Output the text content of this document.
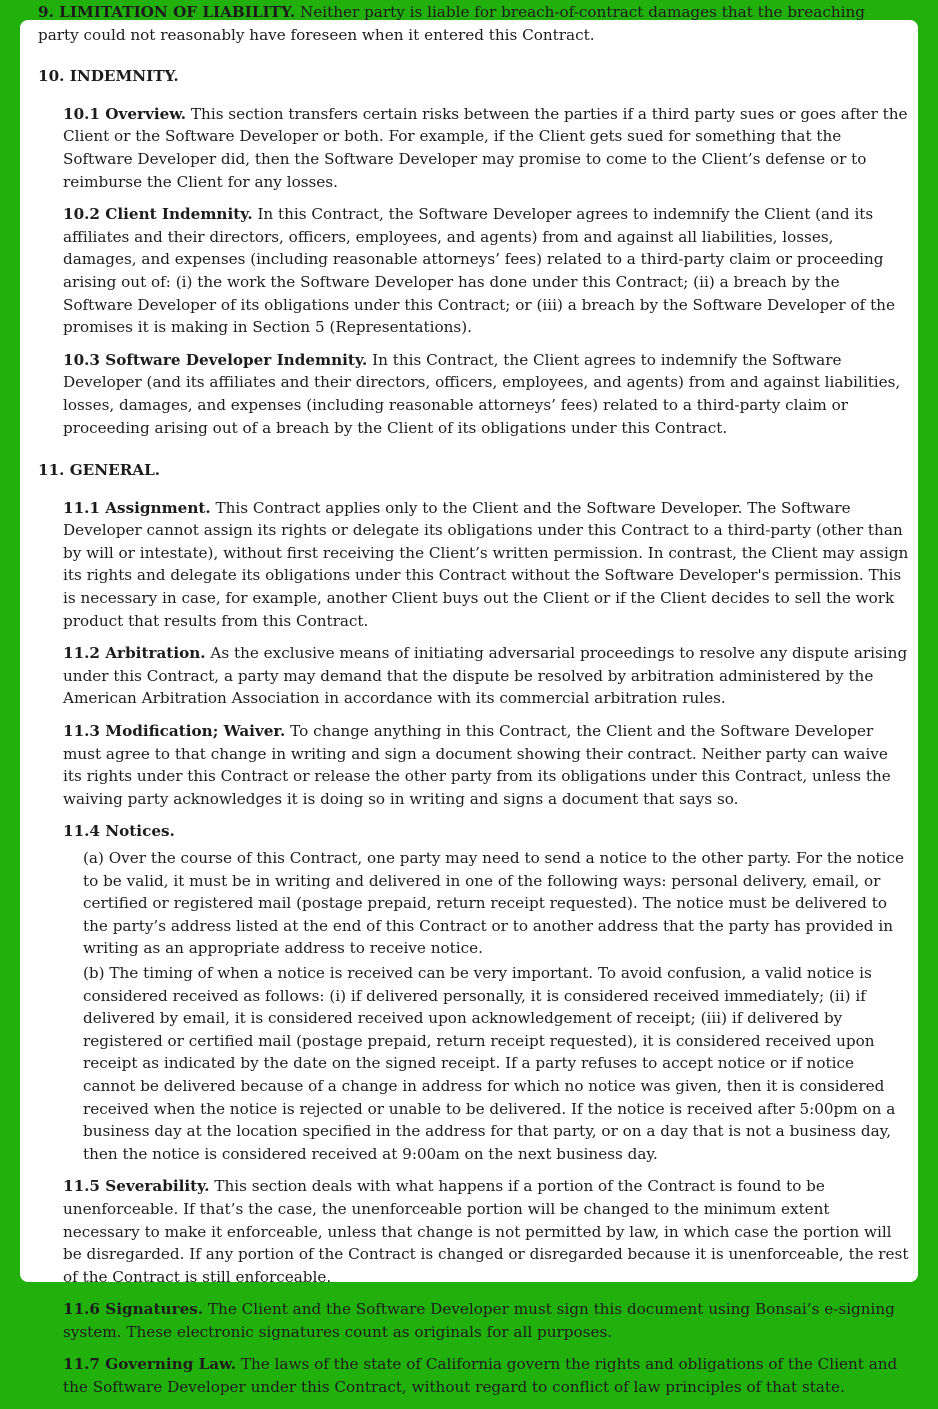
9. LIMITATION OF LIABILITY. Neither party is liable for breach-of-contract damages that the breaching party could not reasonably have foreseen when it entered this Contract.

10. INDEMNITY.

10.1 Overview. This section transfers certain risks between the parties if a third party sues or goes after the Client or the Software Developer or both. For example, if the Client gets sued for something that the Software Developer did, then the Software Developer may promise to come to the Client’s defense or to reimburse the Client for any losses.

10.2 Client Indemnity. In this Contract, the Software Developer agrees to indemnify the Client (and its affiliates and their directors, officers, employees, and agents) from and against all liabilities, losses, damages, and expenses (including reasonable attorneys’ fees) related to a third-party claim or proceeding arising out of: (i) the work the Software Developer has done under this Contract; (ii) a breach by the Software Developer of its obligations under this Contract; or (iii) a breach by the Software Developer of the promises it is making in Section 5 (Representations).

10.3 Software Developer Indemnity. In this Contract, the Client agrees to indemnify the Software Developer (and its affiliates and their directors, officers, employees, and agents) from and against liabilities, losses, damages, and expenses (including reasonable attorneys’ fees) related to a third-party claim or proceeding arising out of a breach by the Client of its obligations under this Contract.

11. GENERAL.

11.1 Assignment. This Contract applies only to the Client and the Software Developer. The Software Developer cannot assign its rights or delegate its obligations under this Contract to a third-party (other than by will or intestate), without first receiving the Client’s written permission. In contrast, the Client may assign its rights and delegate its obligations under this Contract without the Software Developer's permission. This is necessary in case, for example, another Client buys out the Client or if the Client decides to sell the work product that results from this Contract.

11.2 Arbitration. As the exclusive means of initiating adversarial proceedings to resolve any dispute arising under this Contract, a party may demand that the dispute be resolved by arbitration administered by the American Arbitration Association in accordance with its commercial arbitration rules.

11.3 Modification; Waiver. To change anything in this Contract, the Client and the Software Developer must agree to that change in writing and sign a document showing their contract. Neither party can waive its rights under this Contract or release the other party from its obligations under this Contract, unless the waiving party acknowledges it is doing so in writing and signs a document that says so.

11.4 Notices.

(a) Over the course of this Contract, one party may need to send a notice to the other party. For the notice to be valid, it must be in writing and delivered in one of the following ways: personal delivery, email, or certified or registered mail (postage prepaid, return receipt requested). The notice must be delivered to the party’s address listed at the end of this Contract or to another address that the party has provided in writing as an appropriate address to receive notice.

(b) The timing of when a notice is received can be very important. To avoid confusion, a valid notice is considered received as follows: (i) if delivered personally, it is considered received immediately; (ii) if delivered by email, it is considered received upon acknowledgement of receipt; (iii) if delivered by registered or certified mail (postage prepaid, return receipt requested), it is considered received upon receipt as indicated by the date on the signed receipt. If a party refuses to accept notice or if notice cannot be delivered because of a change in address for which no notice was given, then it is considered received when the notice is rejected or unable to be delivered. If the notice is received after 5:00pm on a business day at the location specified in the address for that party, or on a day that is not a business day, then the notice is considered received at 9:00am on the next business day.

11.5 Severability. This section deals with what happens if a portion of the Contract is found to be unenforceable. If that’s the case, the unenforceable portion will be changed to the minimum extent necessary to make it enforceable, unless that change is not permitted by law, in which case the portion will be disregarded. If any portion of the Contract is changed or disregarded because it is unenforceable, the rest of the Contract is still enforceable.

11.6 Signatures. The Client and the Software Developer must sign this document using Bonsai’s e-signing system. These electronic signatures count as originals for all purposes.

11.7 Governing Law. The laws of the state of California govern the rights and obligations of the Client and the Software Developer under this Contract, without regard to conflict of law principles of that state.
